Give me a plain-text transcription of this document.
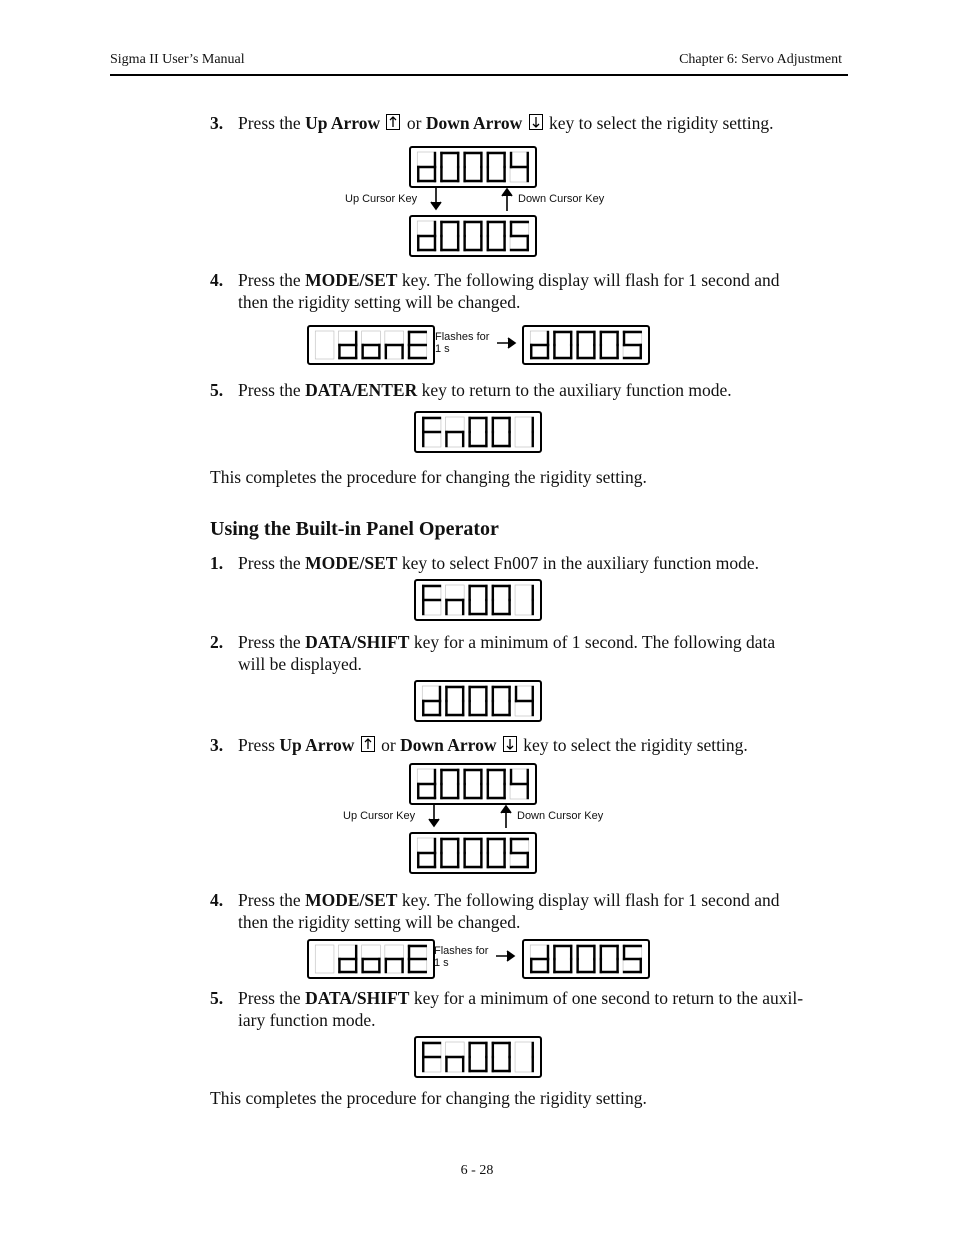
Sigma II User’s Manual	Chapter 6: Servo Adjustment
3. Press the Up Arrow
or Down Arrow
key to select the rigidity setting.
Up Cursor Key	Down Cursor Key
4. Press the MODE/SET key. The following display will flash for 1 second and
then the rigidity setting will be changed.
Flashes for
1 s
5. Press the DATA/ENTER key to return to the auxiliary function mode.
This completes the procedure for changing the rigidity setting.
Using the Built-in Panel Operator
1. Press the MODE/SET key to select Fn007 in the auxiliary function mode.
2. Press the DATA/SHIFT key for a minimum of 1 second. The following data
will be displayed.
3. Press Up Arrow
or Down Arrow
key to select the rigidity setting.
Up Cursor Key	Down Cursor Key
4. Press the MODE/SET key. The following display will flash for 1 second and
then the rigidity setting will be changed.
Flashes for
1 s
5. Press the DATA/SHIFT key for a minimum of one second to return to the auxil-
iary function mode.
This completes the procedure for changing the rigidity setting.
6 - 28
